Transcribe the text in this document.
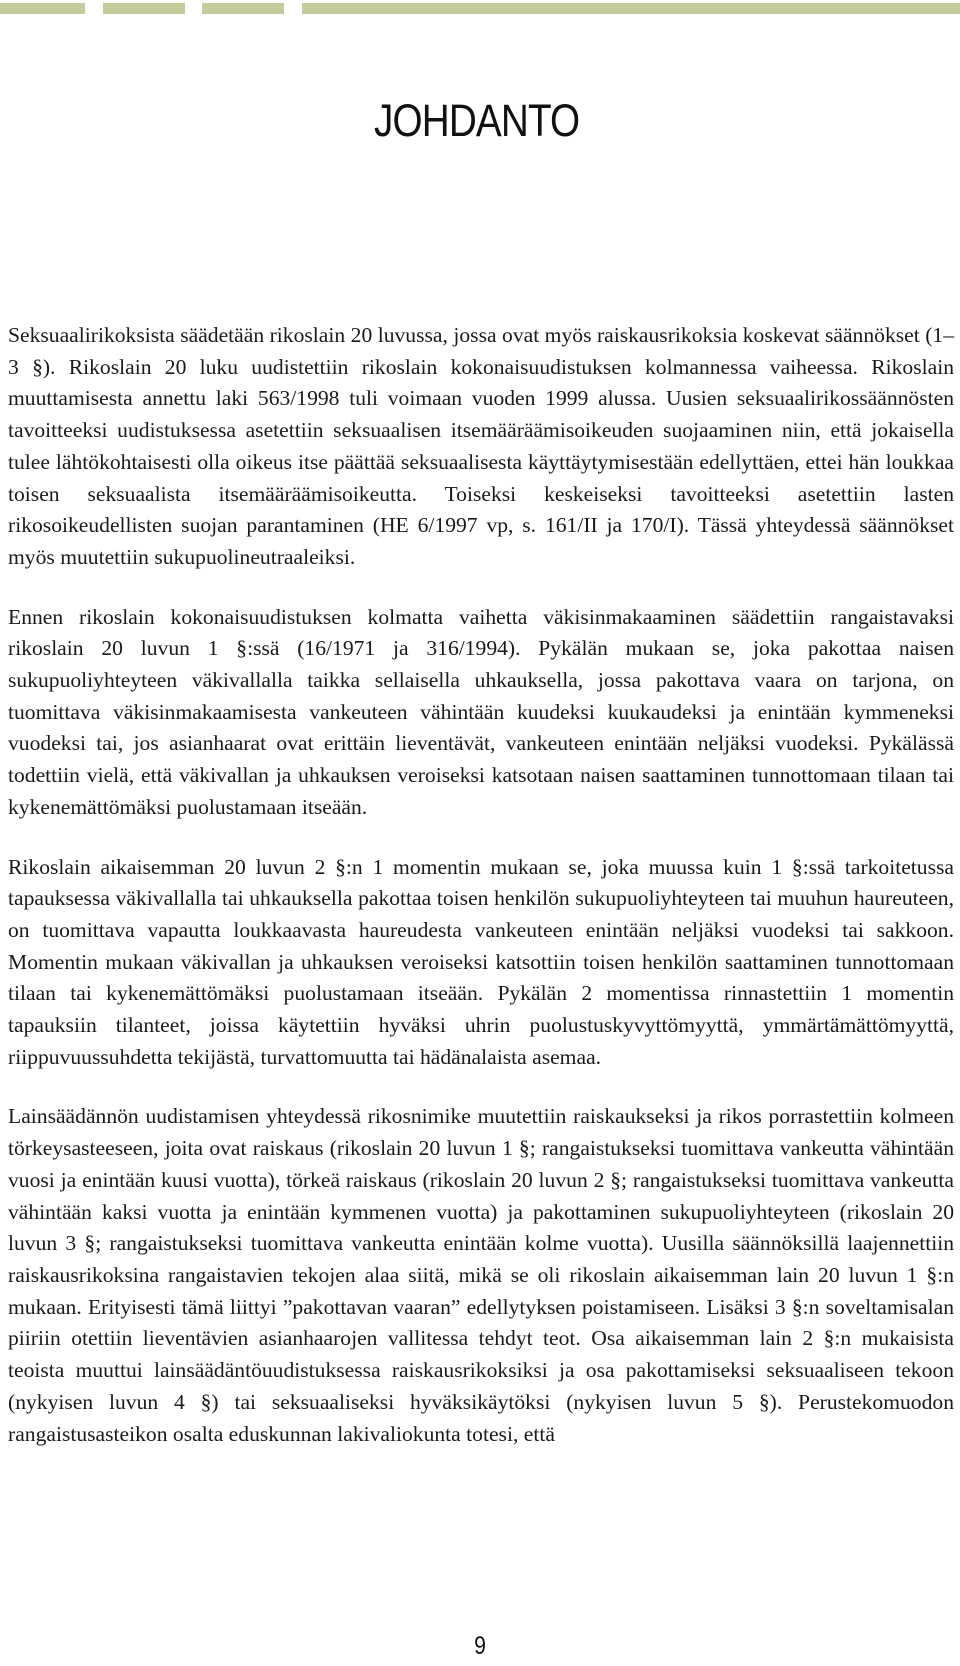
JOHDANTO

Seksuaalirikoksista säädetään rikoslain 20 luvussa, jossa ovat myös raiskausrikoksia koskevat säännökset (1–3 §). Rikoslain 20 luku uudistettiin rikoslain kokonaisuudistuksen kolmannessa vaiheessa. Rikoslain muuttamisesta annettu laki 563/1998 tuli voimaan vuoden 1999 alussa. Uusien seksuaalirikossäännösten tavoitteeksi uudistuksessa asetettiin seksuaalisen itsemääräämisoikeuden suojaaminen niin, että jokaisella tulee lähtökohtaisesti olla oikeus itse päättää seksuaalisesta käyttäytymisestään edellyttäen, ettei hän loukkaa toisen seksuaalista itsemääräämisoikeutta. Toiseksi keskeiseksi tavoitteeksi asetettiin lasten rikosoikeudellisten suojan parantaminen (HE 6/1997 vp, s. 161/II ja 170/I). Tässä yhteydessä säännökset myös muutettiin sukupuolineutraaleiksi.

Ennen rikoslain kokonaisuudistuksen kolmatta vaihetta väkisinmakaaminen säädettiin rangaistavaksi rikoslain 20 luvun 1 §:ssä (16/1971 ja 316/1994). Pykälän mukaan se, joka pakottaa naisen sukupuoliyhteyteen väkivallalla taikka sellaisella uhkauksella, jossa pakottava vaara on tarjona, on tuomittava väkisinmakaamisesta vankeuteen vähintään kuudeksi kuukaudeksi ja enintään kymmeneksi vuodeksi tai, jos asianhaarat ovat erittäin lieventävät, vankeuteen enintään neljäksi vuodeksi. Pykälässä todettiin vielä, että väkivallan ja uhkauksen veroiseksi katsotaan naisen saattaminen tunnottomaan tilaan tai kykenemättömäksi puolustamaan itseään.

Rikoslain aikaisemman 20 luvun 2 §:n 1 momentin mukaan se, joka muussa kuin 1 §:ssä tarkoitetussa tapauksessa väkivallalla tai uhkauksella pakottaa toisen henkilön sukupuoliyhteyteen tai muuhun haureuteen, on tuomittava vapautta loukkaavasta haureudesta vankeuteen enintään neljäksi vuodeksi tai sakkoon. Momentin mukaan väkivallan ja uhkauksen veroiseksi katsottiin toisen henkilön saattaminen tunnottomaan tilaan tai kykenemättömäksi puolustamaan itseään. Pykälän 2 momentissa rinnastettiin 1 momentin tapauksiin tilanteet, joissa käytettiin hyväksi uhrin puolustuskyvyttömyyttä, ymmärtämättömyyttä, riippuvuussuhdetta tekijästä, turvattomuutta tai hädänalaista asemaa.

Lainsäädännön uudistamisen yhteydessä rikosnimike muutettiin raiskaukseksi ja rikos porrastettiin kolmeen törkeysasteeseen, joita ovat raiskaus (rikoslain 20 luvun 1 §; rangaistukseksi tuomittava vankeutta vähintään vuosi ja enintään kuusi vuotta), törkeä raiskaus (rikoslain 20 luvun 2 §; rangaistukseksi tuomittava vankeutta vähintään kaksi vuotta ja enintään kymmenen vuotta) ja pakottaminen sukupuoliyhteyteen (rikoslain 20 luvun 3 §; rangaistukseksi tuomittava vankeutta enintään kolme vuotta). Uusilla säännöksillä laajennettiin raiskausrikoksina rangaistavien tekojen alaa siitä, mikä se oli rikoslain aikaisemman lain 20 luvun 1 §:n mukaan. Erityisesti tämä liittyi ”pakottavan vaaran” edellytyksen poistamiseen. Lisäksi 3 §:n soveltamisalan piiriin otettiin lieventävien asianhaarojen vallitessa tehdyt teot. Osa aikaisemman lain 2 §:n mukaisista teoista muuttui lainsäädäntöuudistuksessa raiskausrikoksiksi ja osa pakottamiseksi seksuaaliseen tekoon (nykyisen luvun 4 §) tai seksuaaliseksi hyväksikäytöksi (nykyisen luvun 5 §). Perustekomuodon rangaistusasteikon osalta eduskunnan lakivaliokunta totesi, että

9
